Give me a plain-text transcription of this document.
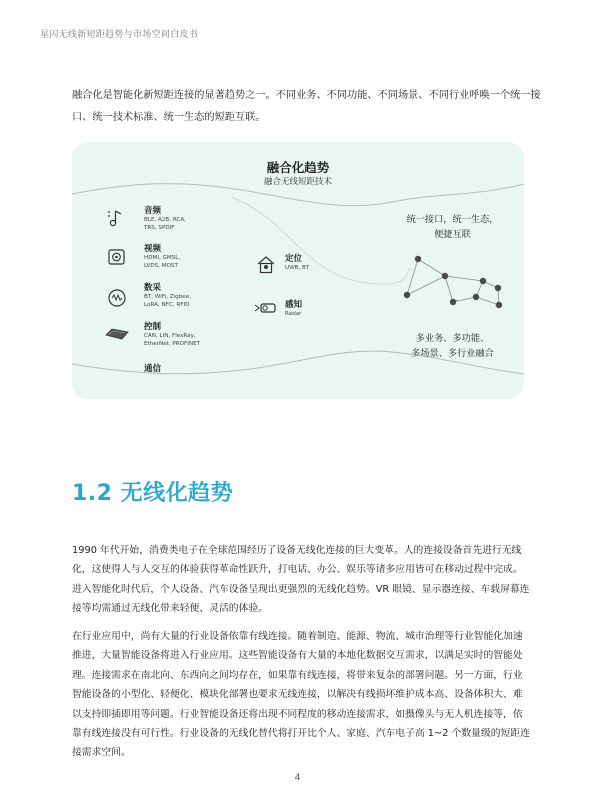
星闪无线新短距趋势与市场空间白皮书
融合化是智能化新短距连接的显著趋势之一。不同业务、不同功能、不同场景、不同行业呼唤一个统一接口、统一技术标准、统一生态的短距互联。
融合化趋势
融合无线短距技术
音频
BLE, A2B, RCA,
TRS, SPDIF
视频
HDMI, GMSL,
LVDS, MOST
数采
BT, WiFi, Zigbee,
LoRA, NFC, RFID
控制
CAN, LIN, FlexRay,
EtherNet, PROFINET
通信
定位
UWB, BT
感知
Radar
统一接口，统一生态，
便捷互联
多业务、多功能、
多场景、多行业融合
1.2 无线化趋势
1990 年代开始，消费类电子在全球范围经历了设备无线化连接的巨大变革。人的连接设备首先进行无线化，这使得人与人交互的体验获得革命性跃升，打电话、办公、娱乐等诸多应用皆可在移动过程中完成。进入智能化时代后，个人设备、汽车设备呈现出更强烈的无线化趋势。VR 眼镜、显示器连接、车载屏幕连接等均需通过无线化带来轻便、灵活的体验。
在行业应用中，尚有大量的行业设备依靠有线连接。随着制造、能源、物流、城市治理等行业智能化加速推进，大量智能设备将进入行业应用。这些智能设备有大量的本地化数据交互需求，以满足实时的智能处理。连接需求在南北向、东西向之间均存在，如果靠有线连接，将带来复杂的部署问题。另一方面，行业智能设备的小型化、轻便化、模块化部署也要求无线连接，以解决有线损坏维护成本高、设备体积大、难以支持即插即用等问题。行业智能设备还将出现不同程度的移动连接需求，如摄像头与无人机连接等，依靠有线连接没有可行性。行业设备的无线化替代将打开比个人、家庭、汽车电子高 1~2 个数量级的短距连接需求空间。
4
